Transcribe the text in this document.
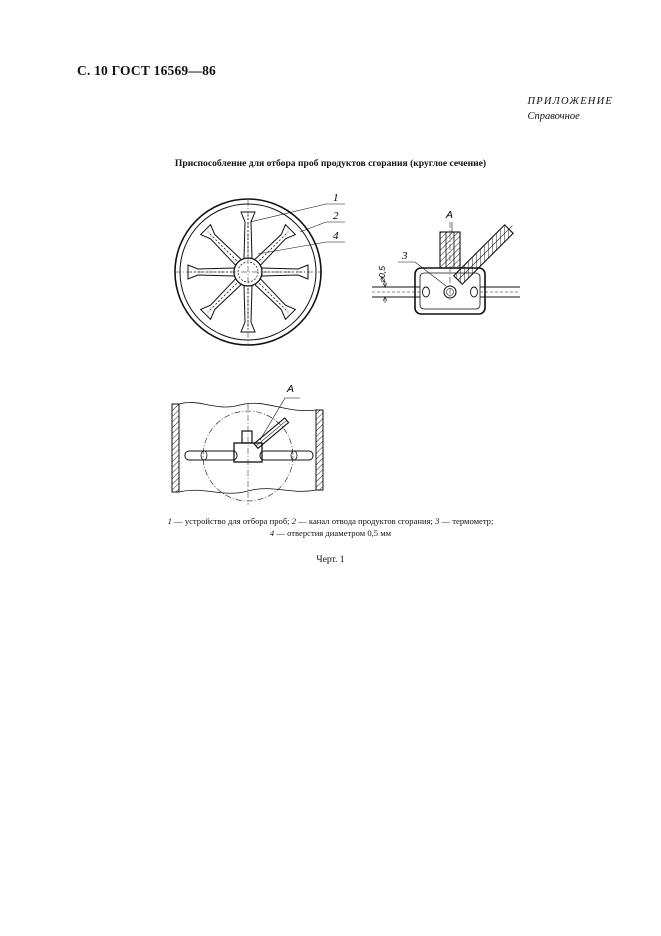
С. 10 ГОСТ 16569—86
ПРИЛОЖЕНИЕ
Справочное
Приспособление для отбора проб продуктов сгорания (круглое сечение)
1
2
4
A
3
⌀0,5
A
1 — устройство для отбора проб; 2 — канал отвода продуктов сгорания; 3 — термометр;
4 — отверстия диаметром 0,5 мм
Черт. 1
